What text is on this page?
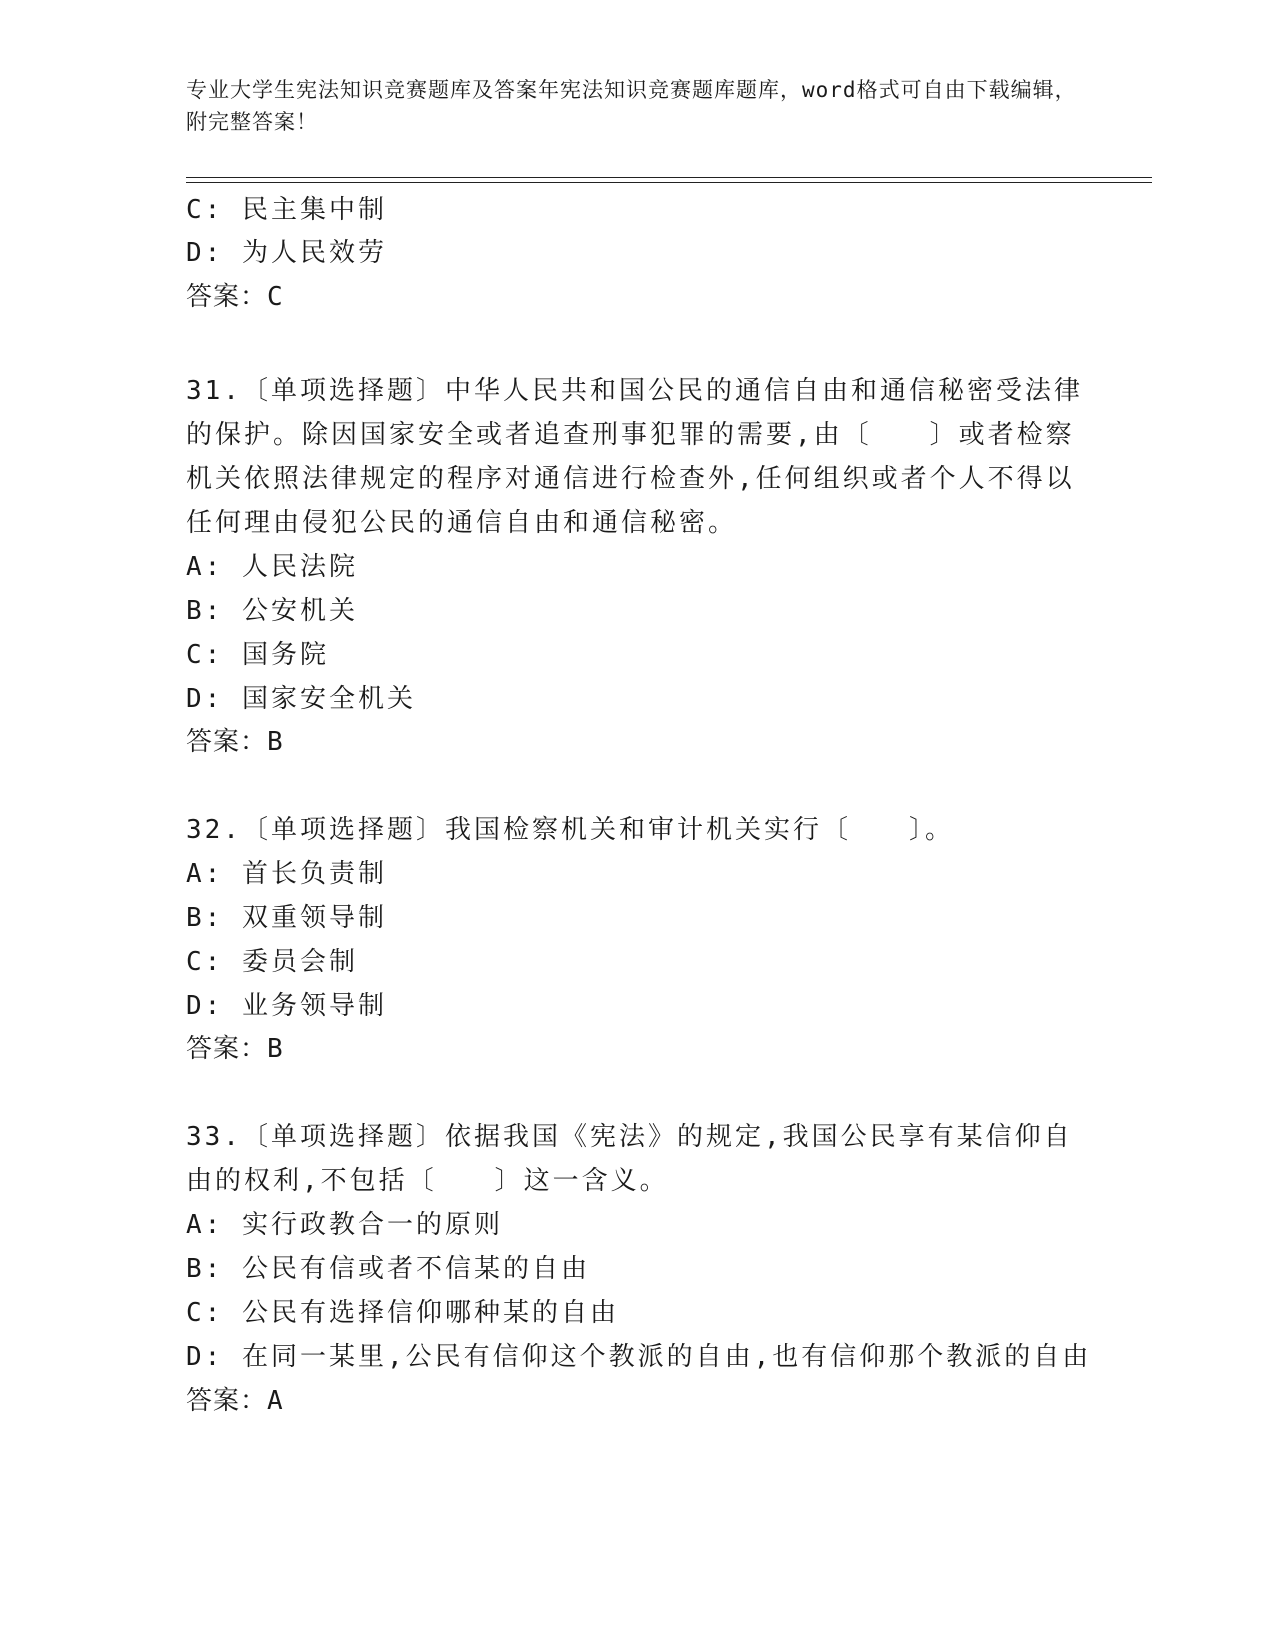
专业大学生宪法知识竞赛题库及答案年宪法知识竞赛题库题库，word格式可自由下载编辑，附完整答案！

C: 民主集中制

D: 为人民效劳

答案：C

31.〔单项选择题〕中华人民共和国公民的通信自由和通信秘密受法律

的保护。除因国家安全或者追查刑事犯罪的需要,由〔　　〕或者检察

机关依照法律规定的程序对通信进行检查外,任何组织或者个人不得以

任何理由侵犯公民的通信自由和通信秘密。

A: 人民法院

B: 公安机关

C: 国务院

D: 国家安全机关

答案：B

32.〔单项选择题〕我国检察机关和审计机关实行〔　　〕。

A: 首长负责制

B: 双重领导制

C: 委员会制

D: 业务领导制

答案：B

33.〔单项选择题〕依据我国《宪法》的规定,我国公民享有某信仰自

由的权利,不包括〔　　〕这一含义。

A: 实行政教合一的原则

B: 公民有信或者不信某的自由

C: 公民有选择信仰哪种某的自由

D: 在同一某里,公民有信仰这个教派的自由,也有信仰那个教派的自由

答案：A
